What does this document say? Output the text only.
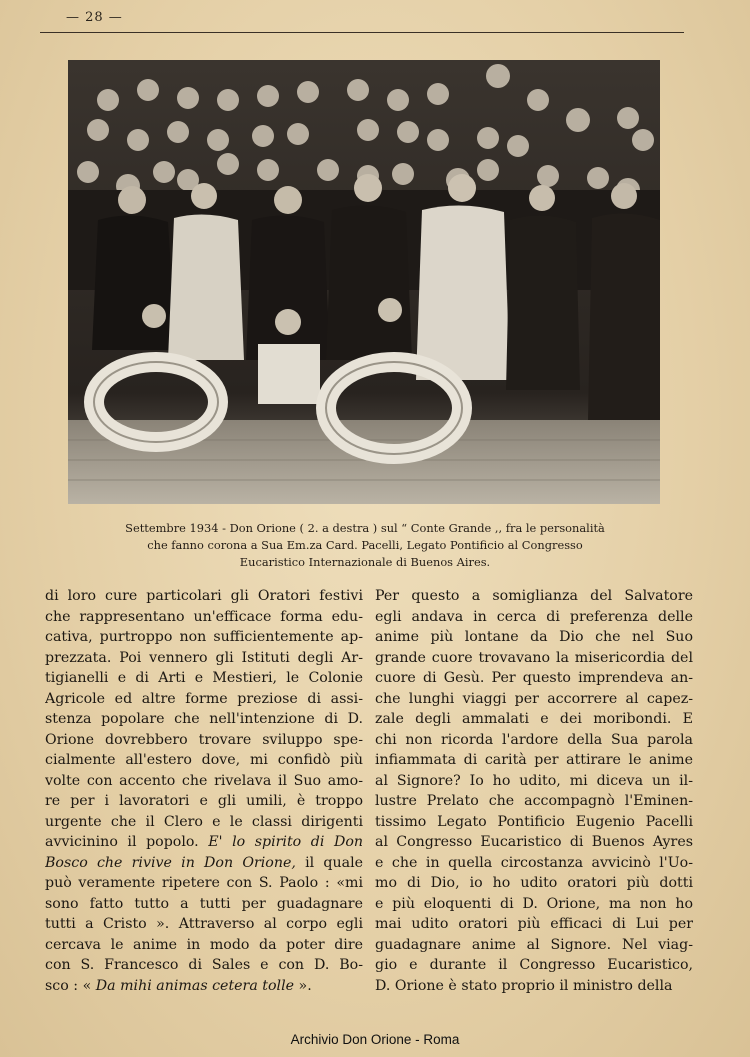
— 28 —
Settembre 1934 - Don Orione ( 2. a destra ) sul “ Conte Grande ,, fra le personalità
che fanno corona a Sua Em.za Card. Pacelli, Legato Pontificio al Congresso
Eucaristico Internazionale di Buenos Aires.
di loro cure particolari gli Oratori festivi
che rappresentano un'efficace forma edu-
cativa, purtroppo non sufficientemente ap-
prezzata. Poi vennero gli Istituti degli Ar-
tigianelli e di Arti e Mestieri, le Colonie
Agricole ed altre forme preziose di assi-
stenza popolare che nell'intenzione di D.
Orione dovrebbero trovare sviluppo spe-
cialmente all'estero dove, mi confidò più
volte con accento che rivelava il Suo amo-
re per i lavoratori e gli umili, è troppo
urgente che il Clero e le classi dirigenti
avvicinino il popolo. E' lo spirito di Don
Bosco che rivive in Don Orione, il quale
può veramente ripetere con S. Paolo : «mi
sono fatto tutto a tutti per guadagnare
tutti a Cristo ». Attraverso al corpo egli
cercava le anime in modo da poter dire
con S. Francesco di Sales e con D. Bo-
sco : « Da mihi animas cetera tolle ».
Per questo a somiglianza del Salvatore
egli andava in cerca di preferenza delle
anime più lontane da Dio che nel Suo
grande cuore trovavano la misericordia del
cuore di Gesù. Per questo imprendeva an-
che lunghi viaggi per accorrere al capez-
zale degli ammalati e dei moribondi. E
chi non ricorda l'ardore della Sua parola
infiammata di carità per attirare le anime
al Signore? Io ho udito, mi diceva un il-
lustre Prelato che accompagnò l'Eminen-
tissimo Legato Pontificio Eugenio Pacelli
al Congresso Eucaristico di Buenos Ayres
e che in quella circostanza avvicinò l'Uo-
mo di Dio, io ho udito oratori più dotti
e più eloquenti di D. Orione, ma non ho
mai udito oratori più efficaci di Lui per
guadagnare anime al Signore. Nel viag-
gio e durante il Congresso Eucaristico,
D. Orione è stato proprio il ministro della
Archivio Don Orione - Roma
